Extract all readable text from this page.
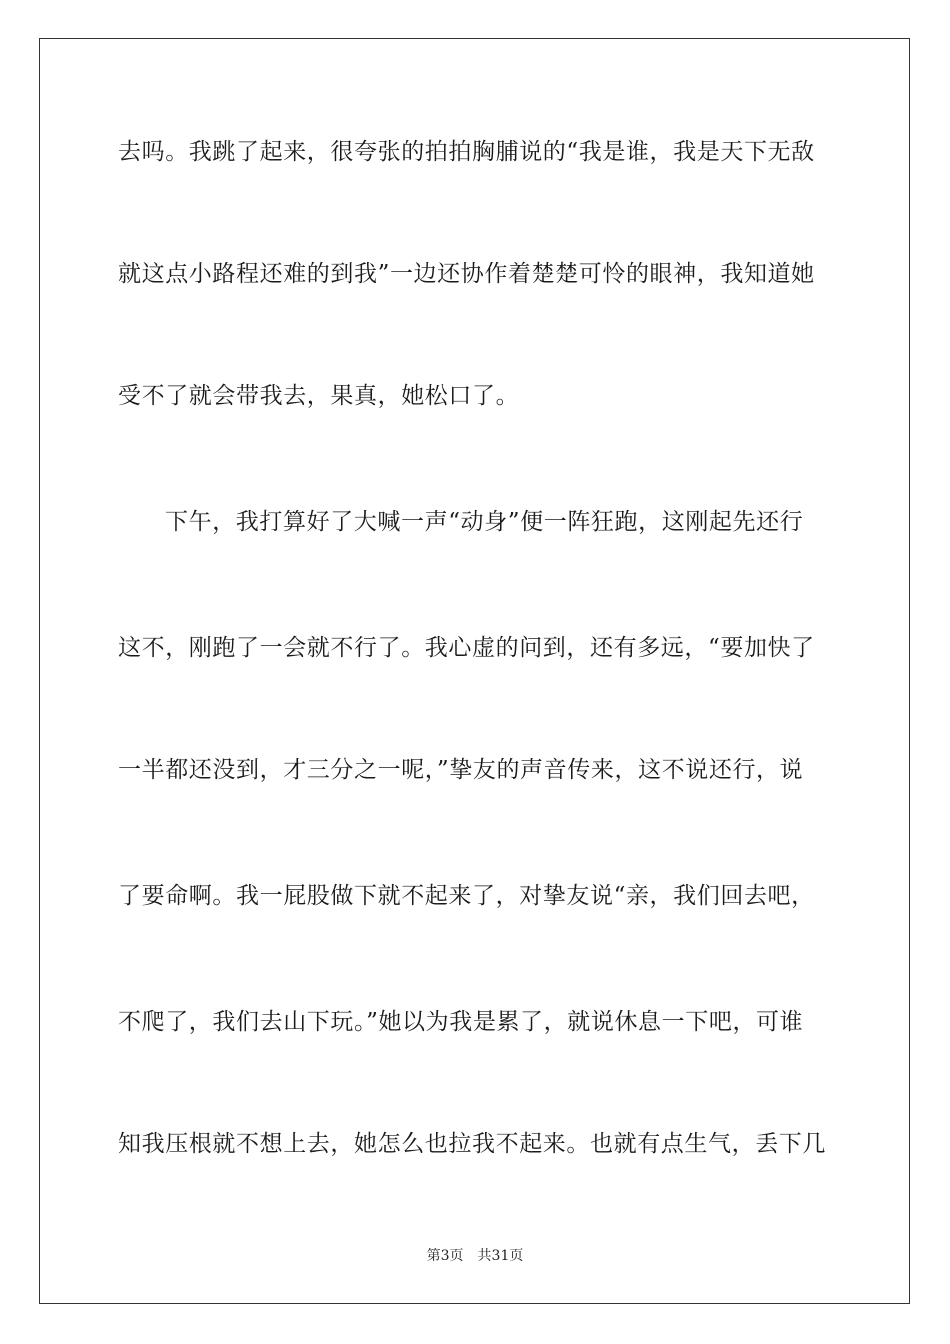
去吗。我跳了起来，很夸张的拍拍胸脯说的“我是谁，我是天下无敌
就这点小路程还难的到我”一边还协作着楚楚可怜的眼神，我知道她
受不了就会带我去，果真，她松口了。
下午，我打算好了大喊一声“动身”便一阵狂跑，这刚起先还行
这不，刚跑了一会就不行了。我心虚的问到，还有多远，“要加快了
一半都还没到，才三分之一呢，”挚友的声音传来，这不说还行，说
了要命啊。我一屁股做下就不起来了，对挚友说“亲，我们回去吧，
不爬了，我们去山下玩。”她以为我是累了，就说休息一下吧，可谁
知我压根就不想上去，她怎么也拉我不起来。也就有点生气，丢下几
第3页 共31页
